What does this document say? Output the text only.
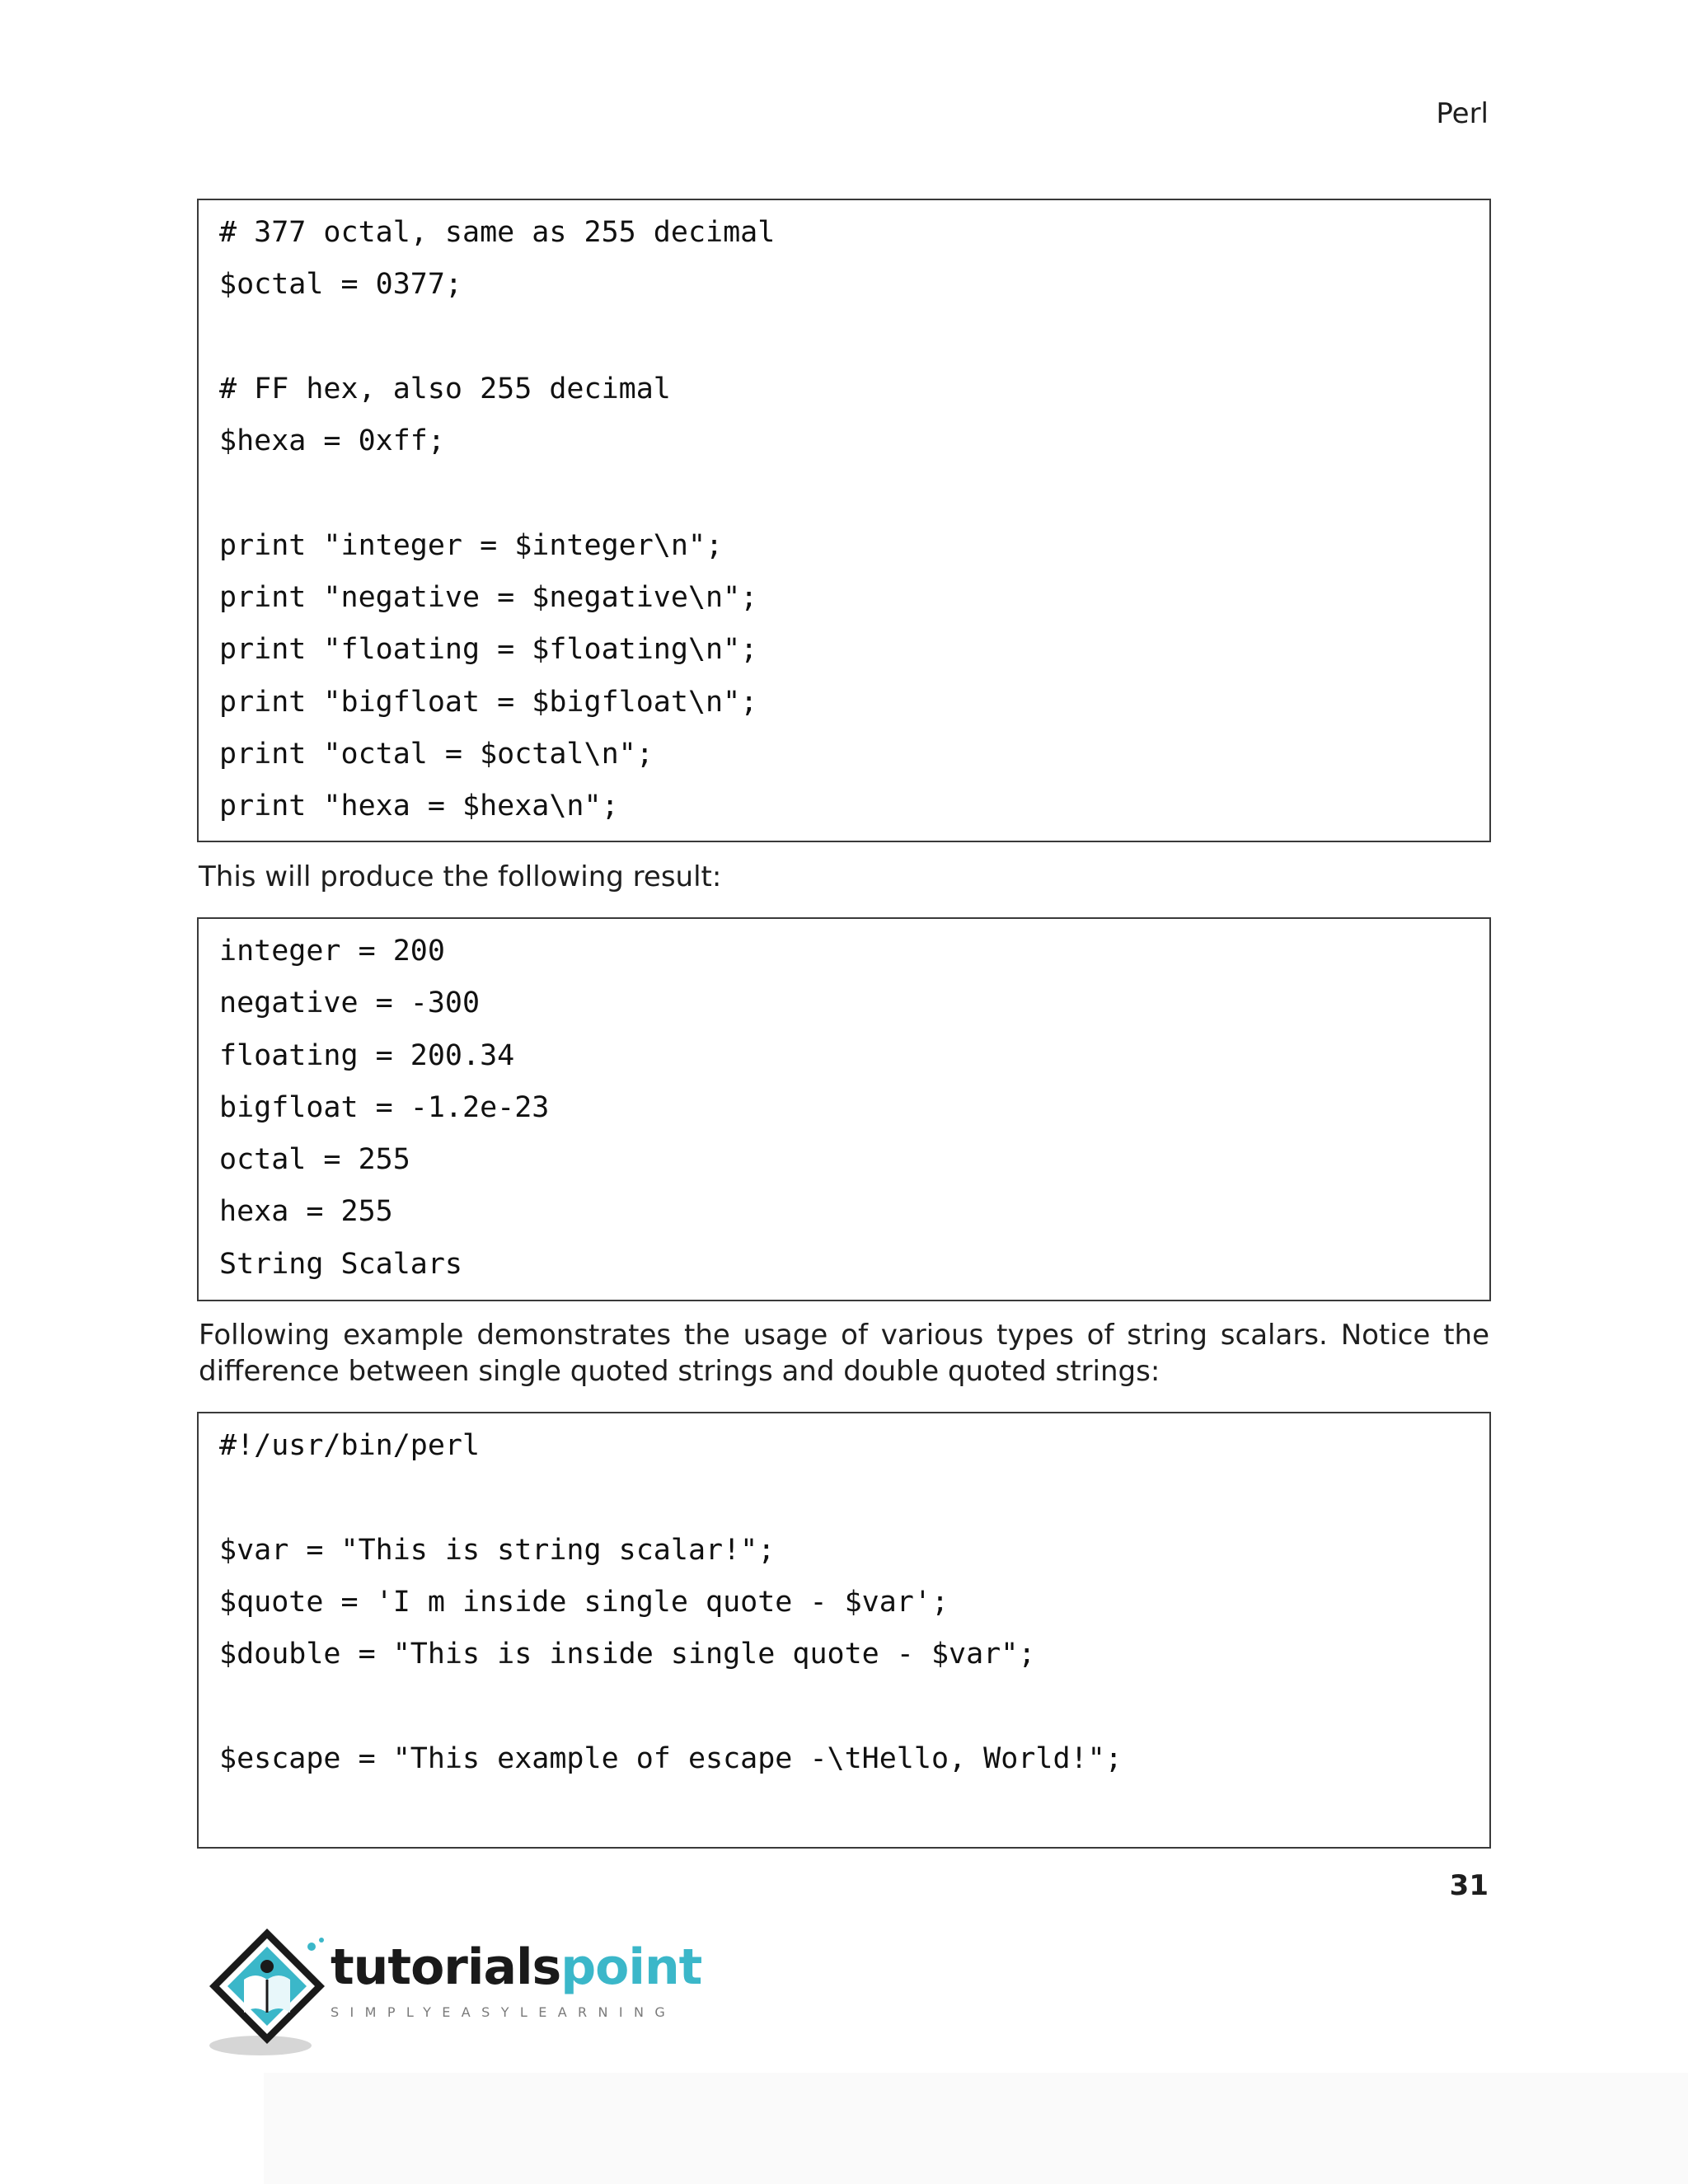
Perl
# 377 octal, same as 255 decimal
$octal = 0377;
# FF hex, also 255 decimal
$hexa = 0xff;
print "integer = $integer\n";
print "negative = $negative\n";
print "floating = $floating\n";
print "bigfloat = $bigfloat\n";
print "octal = $octal\n";
print "hexa = $hexa\n";

This will produce the following result:

integer = 200
negative = -300
floating = 200.34
bigfloat = -1.2e-23
octal = 255
hexa = 255
String Scalars

Following example demonstrates the usage of various types of string scalars. Notice the difference between single quoted strings and double quoted strings:

#!/usr/bin/perl
$var = "This is string scalar!";
$quote = 'I m inside single quote - $var';
$double = "This is inside single quote - $var";
$escape = "This example of escape -\tHello, World!";
31
tutorialspoint
SIMPLYEASYLEARNING
